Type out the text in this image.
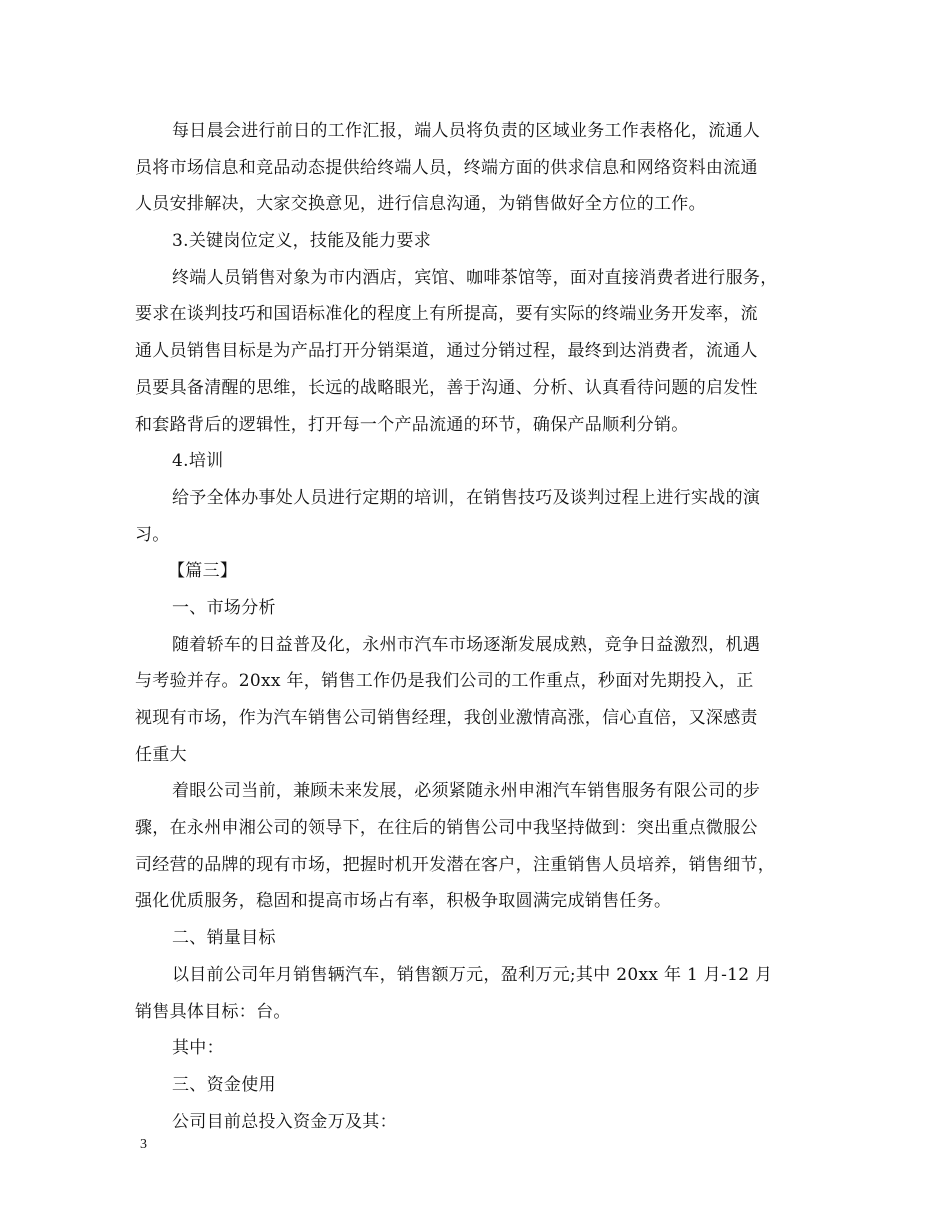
每日晨会进行前日的工作汇报，端人员将负责的区域业务工作表格化，流通人
员将市场信息和竞品动态提供给终端人员，终端方面的供求信息和网络资料由流通
人员安排解决，大家交换意见，进行信息沟通，为销售做好全方位的工作。
3.关键岗位定义，技能及能力要求
终端人员销售对象为市内酒店，宾馆、咖啡茶馆等，面对直接消费者进行服务，
要求在谈判技巧和国语标准化的程度上有所提高，要有实际的终端业务开发率，流
通人员销售目标是为产品打开分销渠道，通过分销过程，最终到达消费者，流通人
员要具备清醒的思维，长远的战略眼光，善于沟通、分析、认真看待问题的启发性
和套路背后的逻辑性，打开每一个产品流通的环节，确保产品顺利分销。
4.培训
给予全体办事处人员进行定期的培训，在销售技巧及谈判过程上进行实战的演
习。
【篇三】
一、市场分析
随着轿车的日益普及化，永州市汽车市场逐渐发展成熟，竞争日益激烈，机遇
与考验并存。20xx 年，销售工作仍是我们公司的工作重点，秒面对先期投入，正
视现有市场，作为汽车销售公司销售经理，我创业激情高涨，信心直倍，又深感责
任重大
着眼公司当前，兼顾未来发展，必须紧随永州申湘汽车销售服务有限公司的步
骤，在永州申湘公司的领导下，在往后的销售公司中我坚持做到：突出重点微服公
司经营的品牌的现有市场，把握时机开发潜在客户，注重销售人员培养，销售细节，
强化优质服务，稳固和提高市场占有率，积极争取圆满完成销售任务。
二、销量目标
以目前公司年月销售辆汽车，销售额万元，盈利万元;其中 20xx 年 1 月-12 月
销售具体目标：台。
其中：
三、资金使用
公司目前总投入资金万及其：
3
